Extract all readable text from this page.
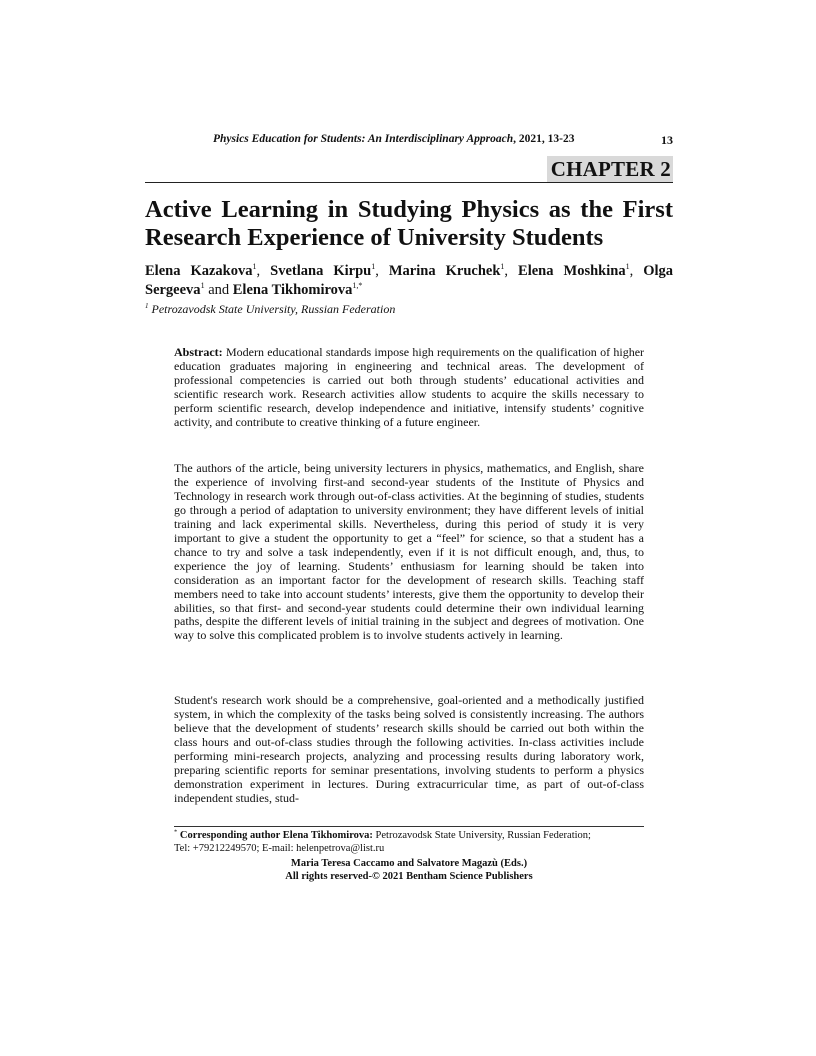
Physics Education for Students: An Interdisciplinary Approach, 2021, 13-23	13
CHAPTER 2
Active Learning in Studying Physics as the First Research Experience of University Students
Elena Kazakova$^1$, Svetlana Kirpu$^1$, Marina Kruchek$^1$, Elena Moshkina$^1$, Olga Sergeeva$^1$ and Elena Tikhomirova$^{1,*}$
$^1$ Petrozavodsk State University, Russian Federation

Abstract: Modern educational standards impose high requirements on the qualification of higher education graduates majoring in engineering and technical areas. The development of professional competencies is carried out both through students’ educational activities and scientific research work. Research activities allow students to acquire the skills necessary to perform scientific research, develop independence and initiative, intensify students’ cognitive activity, and contribute to creative thinking of a future engineer.

The authors of the article, being university lecturers in physics, mathematics, and English, share the experience of involving first-and second-year students of the Institute of Physics and Technology in research work through out-of-class activities. At the beginning of studies, students go through a period of adaptation to university environment; they have different levels of initial training and lack experimental skills. Nevertheless, during this period of study it is very important to give a student the opportunity to get a “feel” for science, so that a student has a chance to try and solve a task independently, even if it is not difficult enough, and, thus, to experience the joy of learning. Students’ enthusiasm for learning should be taken into consideration as an important factor for the development of research skills. Teaching staff members need to take into account students’ interests, give them the opportunity to develop their abilities, so that first- and second-year students could determine their own individual learning paths, despite the different levels of initial training in the subject and degrees of motivation. One way to solve this complicated problem is to involve students actively in learning.

Student's research work should be a comprehensive, goal-oriented and a methodically justified system, in which the complexity of the tasks being solved is consistently increasing. The authors believe that the development of students’ research skills should be carried out both within the class hours and out-of-class studies through the following activities. In-class activities include performing mini-research projects, analyzing and processing results during laboratory work, preparing scientific reports for seminar presentations, involving students to perform a physics demonstration experiment in lectures. During extracurricular time, as part of out-of-class independent studies, stud-

* Corresponding author Elena Tikhomirova: Petrozavodsk State University, Russian Federation;
Tel: +79212249570; E-mail: helenpetrova@list.ru
Maria Teresa Caccamo and Salvatore Magazù (Eds.)
All rights reserved-© 2021 Bentham Science Publishers
